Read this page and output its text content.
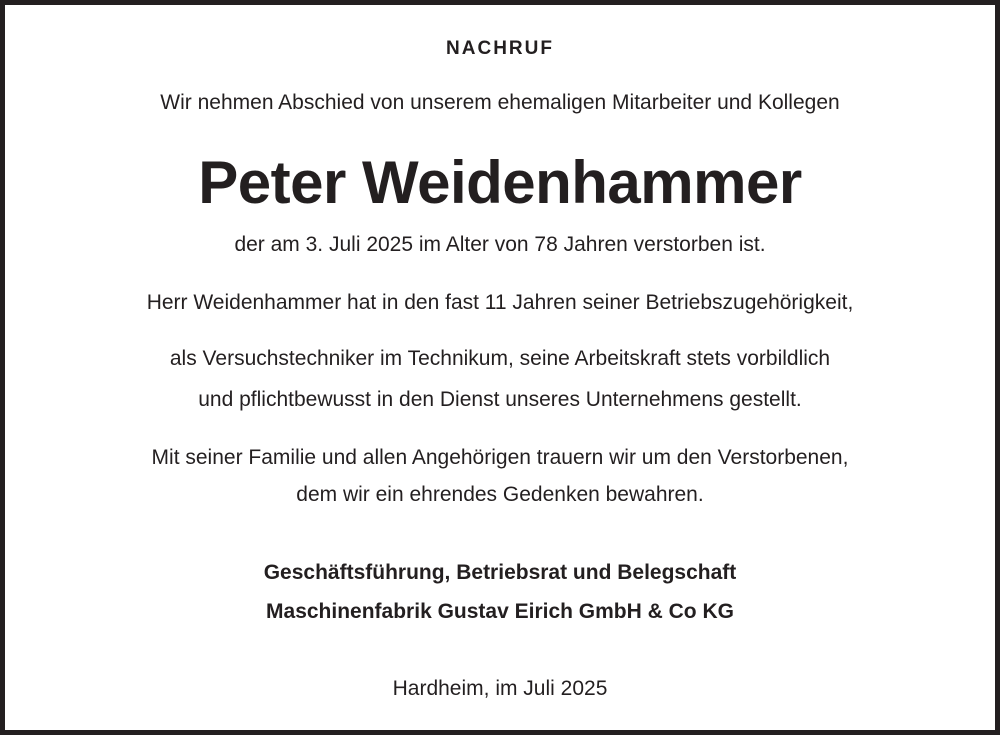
NACHRUF
Wir nehmen Abschied von unserem ehemaligen Mitarbeiter und Kollegen
Peter Weidenhammer
der am 3. Juli 2025 im Alter von 78 Jahren verstorben ist.
Herr Weidenhammer hat in den fast 11 Jahren seiner Betriebszugehörigkeit,
als Versuchstechniker im Technikum, seine Arbeitskraft stets vorbildlich
und pflichtbewusst in den Dienst unseres Unternehmens gestellt.
Mit seiner Familie und allen Angehörigen trauern wir um den Verstorbenen,
dem wir ein ehrendes Gedenken bewahren.
Geschäftsführung, Betriebsrat und Belegschaft
Maschinenfabrik Gustav Eirich GmbH & Co KG
Hardheim, im Juli 2025
